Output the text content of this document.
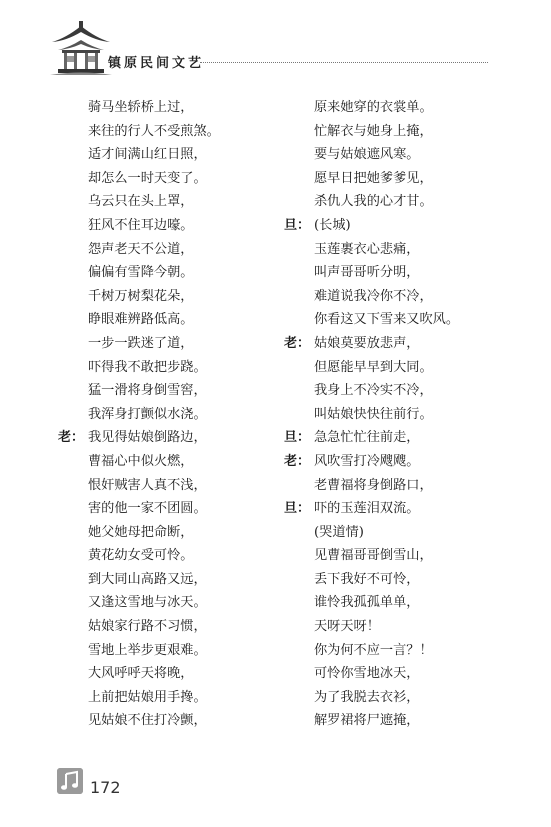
镇原民间文艺
骑马坐轿桥上过，
来往的行人不受煎煞。
适才间满山红日照，
却怎么一时天变了。
乌云只在头上罩，
狂风不住耳边嚎。
怨声老天不公道，
偏偏有雪降今朝。
千树万树梨花朵，
睁眼难辨路低高。
一步一跌迷了道，
吓得我不敢把步跷。
猛一滑将身倒雪窖，
我浑身打颤似水浇。
老： 我见得姑娘倒路边，
曹福心中似火燃，
恨奸贼害人真不浅，
害的他一家不团圆。
她父她母把命断，
黄花幼女受可怜。
到大同山高路又远，
又逢这雪地与冰天。
姑娘家行路不习惯，
雪地上举步更艰难。
大风呼呼天将晚，
上前把姑娘用手搀。
见姑娘不住打冷颤，
原来她穿的衣裳单。
忙解衣与她身上掩，
要与姑娘遮风寒。
愿早日把她爹爹见，
杀仇人我的心才甘。
旦： (长城)
玉莲裹衣心悲痛，
叫声哥哥听分明，
难道说我冷你不冷，
你看这又下雪来又吹风。
老： 姑娘莫要放悲声，
但愿能早早到大同。
我身上不冷实不冷，
叫姑娘快快往前行。
旦： 急急忙忙往前走，
老： 风吹雪打冷飕飕。
老曹福将身倒路口，
旦： 吓的玉莲泪双流。
(哭道情)
见曹福哥哥倒雪山，
丢下我好不可怜，
谁怜我孤孤单单，
天呀天呀！
你为何不应一言？！
可怜你雪地冰天，
为了我脱去衣衫，
解罗裙将尸遮掩，
172
